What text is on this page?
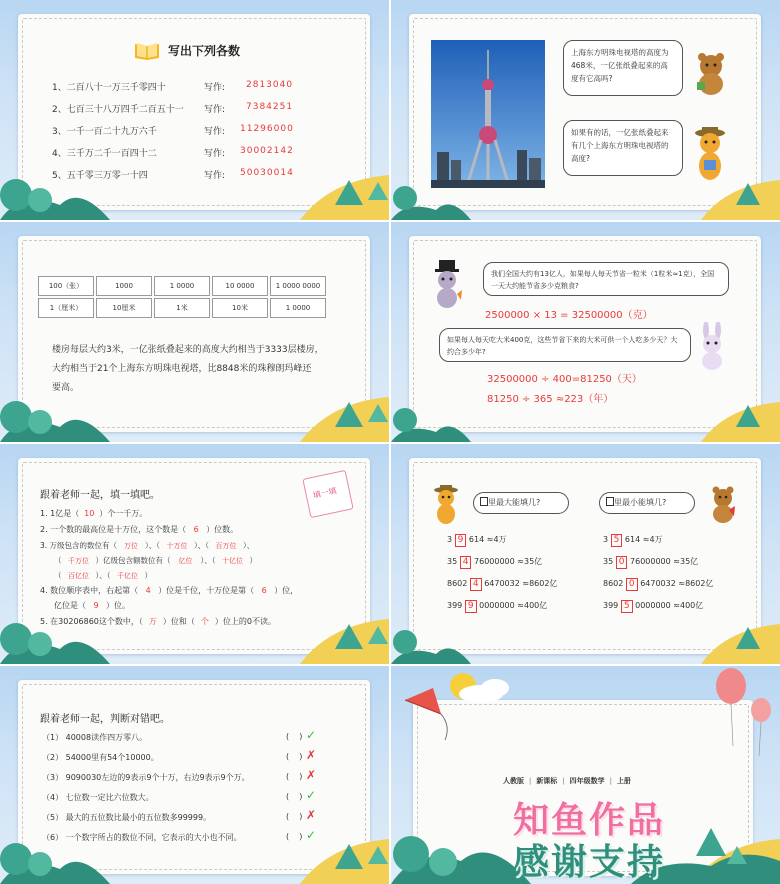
写出下列各数
1、二百八十一万三千零四十	写作: 2813040
2、七百三十八万四千二百五十一 写作: 7384251
3、一千一百二十九万六千	写作: 11296000
4、三千万二千一百四十二	写作: 30002142
5、五千零三万零一十四	写作: 50030014
上海东方明珠电视塔的高度为468米，一亿张纸叠起来的高度有它高吗?
如果有的话，一亿张纸叠起来有几个上海东方明珠电视塔的高度?
100（张）	1000	1 0000	10 0000	1 0000 0000
1（厘米）	10厘米	1米	10米	1 0000
楼房每层大约3米，一亿张纸叠起来的高度大约相当于3333层楼房，
大约相当于21个上海东方明珠电视塔，比8848米的珠穆朗玛峰还
要高。
我们全国大约有13亿人，如果每人每天节省一粒米（1粒米≈1克），全国一天大约能节省多少克粮食?
2500000 × 13 = 32500000（克）
如果每人每天吃大米400克，这些节省下来的大米可供一个人吃多少天？大约合多少年?
32500000 ÷ 400=81250（天）
81250 ÷ 365 ≈223（年）
跟着老师一起，填一填吧。	填一填
1. 1亿是（ 10 ）个一千万。
2. 一个数的最高位是十万位，这个数是（ 6 ）位数。
3. 万级包含的数位有（ 万位 ）、（ 十万位 ）、（ 百万位 ）、
（ 千万位 ）亿级包含额数位有（ 亿位 ）、（ 十亿位 ）
（ 百亿位 ）、（ 千亿位 ）
4. 数位顺序表中，右起第（ 4 ）位是千位，十万位是第（ 6 ）位，
亿位是（ 9 ）位。
5. 在30206860这个数中，（ 万 ）位和（ 个 ）位上的0不读。
里最大能填几?	里最小能填几?
3 9 614 ≈4万
35 4 76000000 ≈35亿
8602 4 6470032 ≈8602亿
399 9 0000000 ≈400亿
3 5 614 ≈4万
35 0 76000000 ≈35亿
8602 0 6470032 ≈8602亿
399 5 0000000 ≈400亿
跟着老师一起，判断对错吧。
（1） 40008读作四万零八。	(    ) ✓
（2） 54000里有54个10000。	(    ) ✗
（3） 9090030左边的9表示9个十万，右边9表示9个万。	(    ) ✗
（4） 七位数一定比六位数大。	(    ) ✓
（5） 最大的五位数比最小的五位数多99999。	(    ) ✗
（6） 一个数字所占的数位不同，它表示的大小也不同。	(    ) ✓
人教版  |  新课标  |  四年级数学  |  上册
知鱼作品
感谢支持
